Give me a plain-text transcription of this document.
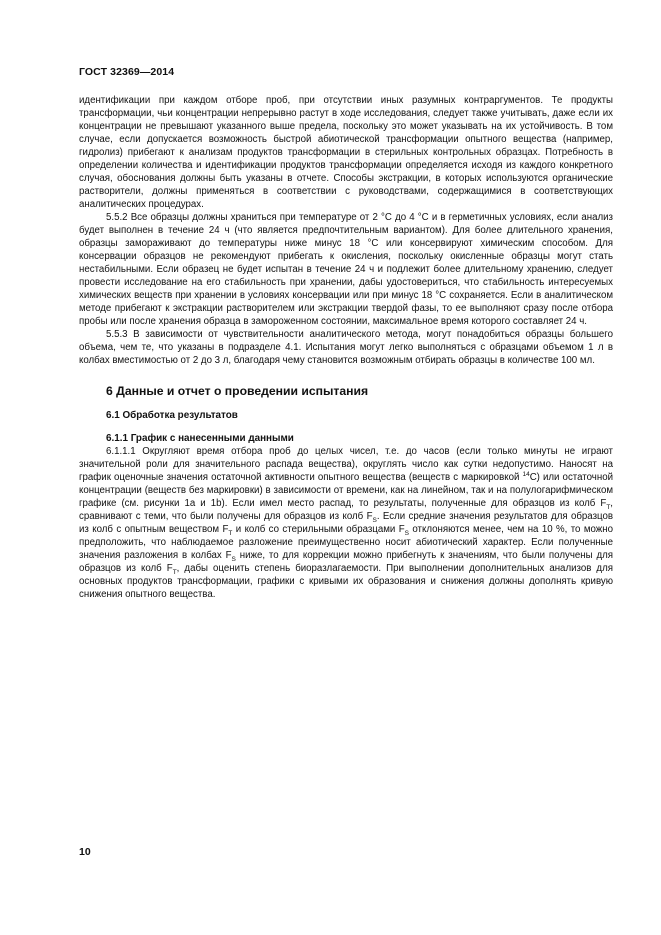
ГОСТ 32369—2014

идентификации при каждом отборе проб, при отсутствии иных разумных контраргументов. Те продукты трансформации, чьи концентрации непрерывно растут в ходе исследования, следует также учитывать, даже если их концентрации не превышают указанного выше предела, поскольку это может указывать на их устойчивость. В том случае, если допускается возможность быстрой абиотической трансформации опытного вещества (например, гидролиз) прибегают к анализам продуктов трансформации в стерильных контрольных образцах. Потребность в определении количества и идентификации продуктов трансформации определяется исходя из каждого конкретного случая, обоснования должны быть указаны в отчете. Способы экстракции, в которых используются органические растворители, должны применяться в соответствии с руководствами, содержащимися в соответствующих аналитических процедурах.

5.5.2 Все образцы должны храниться при температуре от 2 °С до 4 °С и в герметичных условиях, если анализ будет выполнен в течение 24 ч (что является предпочтительным вариантом). Для более длительного хранения, образцы замораживают до температуры ниже минус 18 °С или консервируют химическим способом. Для консервации образцов не рекомендуют прибегать к окисления, поскольку окисленные образцы могут стать нестабильными. Если образец не будет испытан в течение 24 ч и подлежит более длительному хранению, следует провести исследование на его стабильность при хранении, дабы удостовериться, что стабильность интересуемых химических веществ при хранении в условиях консервации или при минус 18 °С сохраняется. Если в аналитическом методе прибегают к экстракции растворителем или экстракции твердой фазы, то ее выполняют сразу после отбора пробы или после хранения образца в замороженном состоянии, максимальное время которого составляет 24 ч.

5.5.3 В зависимости от чувствительности аналитического метода, могут понадобиться образцы большего объема, чем те, что указаны в подразделе 4.1. Испытания могут легко выполняться с образцами объемом 1 л в колбах вместимостью от 2 до 3 л, благодаря чему становится возможным отбирать образцы в количестве 100 мл.

6 Данные и отчет о проведении испытания
6.1 Обработка результатов
6.1.1 График с нанесенными данными

6.1.1.1 Округляют время отбора проб до целых чисел, т.е. до часов (если только минуты не играют значительной роли для значительного распада вещества), округлять число как сутки недопустимо. Наносят на график оценочные значения остаточной активности опытного вещества (веществ с маркировкой $^{14}$С) или остаточной концентрации (веществ без маркировки) в зависимости от времени, как на линейном, так и на полулогарифмическом графике (см. рисунки 1а и 1b). Если имел место распад, то результаты, полученные для образцов из колб $F_T$, сравнивают с теми, что были получены для образцов из колб $F_S$. Если средние значения результатов для образцов из колб с опытным веществом $F_T$ и колб со стерильными образцами $F_S$ отклоняются менее, чем на 10 %, то можно предположить, что наблюдаемое разложение преимущественно носит абиотический характер. Если полученные значения разложения в колбах $F_S$ ниже, то для коррекции можно прибегнуть к значениям, что были получены для образцов из колб $F_T$, дабы оценить степень биоразлагаемости. При выполнении дополнительных анализов для основных продуктов трансформации, графики с кривыми их образования и снижения должны дополнять кривую снижения опытного вещества.

10
